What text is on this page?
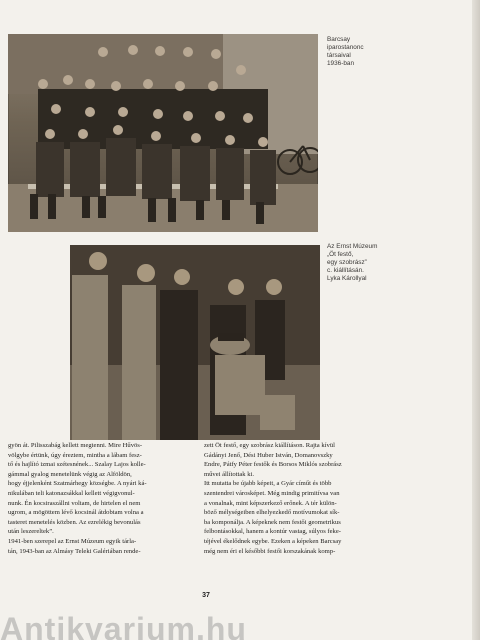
Barcsay
iparostanonc
társaival
1936-ban
Az Ernst Múzeum
„Öt festő,
egy szobrász”
c. kiállításán.
Lyka Károllyal
gyön át. Pilisszabág kellett megtenni. Mire Hűvös-
völgybe értünk, úgy éreztem, mintha a lábam fesz-
tő és hajlító izmai szétesnének... Szalay Lajos kolle-
gámmal gyalog menetelünk végig az Alföldön,
hogy éjjelenként Szatmárhegy községbe. A nyári ká-
nikulában teli katonazsákkal kellett végigvonul-
nunk. Én kocsiraszállni voltam, de hirtelen el nem
ugrom, a mögöttem lévő kocsinál átdobtam volna a
tasteret menetelés közben. Az ezrelékig bevonulás
után leszereltek”.
1941-ben szerepel az Ernst Múzeum egyik tárla-
tán, 1943-ban az Almásy Teleki Galériában rende-
zett Öt festő, egy szobrász kiállításon. Rajta kívül
Gádányi Jenő, Dési Huber István, Domanovszky
Endre, Pátfy Péter festők és Borsos Miklós szobrász
művei állítottak ki.
Itt mutatta be újabb képeit, a Gyár címűt és több
szentendrei városképet. Még mindig primitívsa van
a vonalnak, mint képszerkező erőnek. A tér külön-
böző mélységeiben elhelyezkedő motívumokat sík-
ba komponálja. A képeknek nem festői geometrikus
felbontásokkal, hanem a kontúr vastag, súlyos feke-
téjével ékelődnek egybe. Ezeken a képeken Barcsay
még nem éri el későbbi festői korszakának komp-
37
Antikvarium.hu
